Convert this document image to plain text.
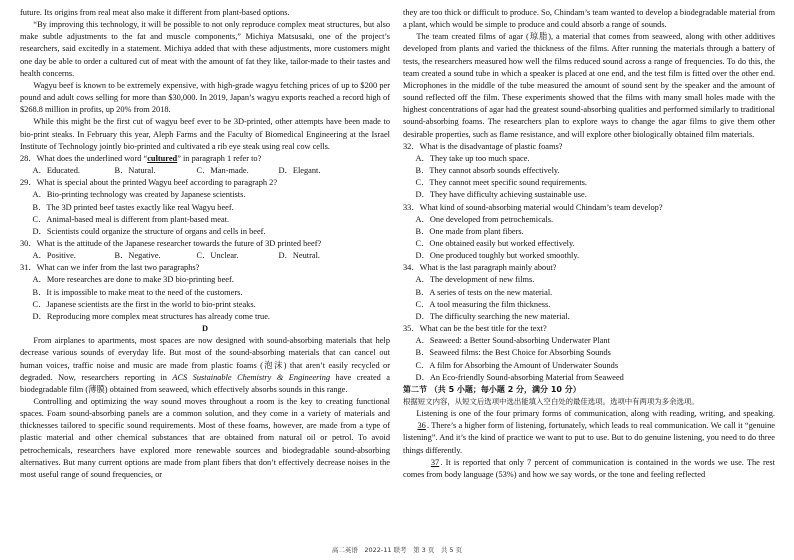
future. Its origins from real meat also make it different from plant-based options.

“By improving this technology, it will be possible to not only reproduce complex meat structures, but also make subtle adjustments to the fat and muscle components,” Michiya Matsusaki, one of the project’s researchers, said excitedly in a statement. Michiya added that with these adjustments, more customers might one day be able to order a cultured cut of meat with the amount of fat they like, tailor-made to their tastes and health concerns.

Wagyu beef is known to be extremely expensive, with high-grade wagyu fetching prices of up to $200 per pound and adult cows selling for more than $30,000. In 2019, Japan’s wagyu exports reached a record high of $268.8 million in profits, up 20% from 2018.

While this might be the first cut of wagyu beef ever to be 3D-printed, other attempts have been made to bio-print steaks. In February this year, Aleph Farms and the Faculty of Biomedical Engineering at the Israel Institute of Technology jointly bio-printed and cultivated a rib eye steak using real cow cells.

28．What does the underlined word “cultured” in paragraph 1 refer to?

A．Educated.	B．Natural.	C．Man-made.	D．Elegant.

29．What is special about the printed Wagyu beef according to paragraph 2?

A．Bio-printing technology was created by Japanese scientists.

B．The 3D printed beef tastes exactly like real Wagyu beef.

C．Animal-based meal is different from plant-based meat.

D．Scientists could organize the structure of organs and cells in beef.

30．What is the attitude of the Japanese researcher towards the future of 3D printed beef?

A．Positive.	B．Negative.	C．Unclear.	D．Neutral.

31．What can we infer from the last two paragraphs?

A．More researches are done to make 3D bio-printing beef.

B．It is impossible to make meat to the need of the customers.

C．Japanese scientists are the first in the world to bio-print steaks.

D．Reproducing more complex meat structures has already come true.

D

From airplanes to apartments, most spaces are now designed with sound-absorbing materials that help decrease various sounds of everyday life. But most of the sound-absorbing materials that can cancel out human voices, traffic noise and music are made from plastic foams (泡沫) that aren’t easily recycled or degraded. Now, researchers reporting in ACS Sustainable Chemistry & Engineering have created a biodegradable film (薄膜) obtained from seaweed, which effectively absorbs sounds in this range.

Controlling and optimizing the way sound moves throughout a room is the key to creating functional spaces. Foam sound-absorbing panels are a common solution, and they come in a variety of materials and thicknesses tailored to specific sound requirements. Most of these foams, however, are made from a type of plastic material and other chemical substances that are obtained from natural oil or petrol. To avoid petrochemicals, researchers have explored more renewable sources and biodegradable sound-absorbing alternatives. But many current options are made from plant fibers that don’t effectively decrease noises in the most useful range of sound frequencies, or

they are too thick or difficult to produce. So, Chindam’s team wanted to develop a biodegradable material from a plant, which would be simple to produce and could absorb a range of sounds.

The team created films of agar (琼脂), a material that comes from seaweed, along with other additives developed from plants and varied the thickness of the films. After running the materials through a battery of tests, the researchers measured how well the films reduced sound across a range of frequencies. To do this, the team created a sound tube in which a speaker is placed at one end, and the test film is fitted over the other end. Microphones in the middle of the tube measured the amount of sound sent by the speaker and the amount of sound reflected off the film. These experiments showed that the films with many small holes made with the highest concentrations of agar had the greatest sound-absorbing qualities and performed similarly to traditional sound-absorbing foams. The researchers plan to explore ways to change the agar films to give them other desirable properties, such as flame resistance, and will explore other biologically obtained film materials.

32．What is the disadvantage of plastic foams?

A．They take up too much space.

B．They cannot absorb sounds effectively.

C．They cannot meet specific sound requirements.

D．They have difficulty achieving sustainable use.

33．What kind of sound-absorbing material would Chindam’s team develop?

A．One developed from petrochemicals.

B．One made from plant fibers.

C．One obtained easily but worked effectively.

D．One produced toughly but worked smoothly.

34．What is the last paragraph mainly about?

A．The development of new films.

B．A series of tests on the new material.

C．A tool measuring the film thickness.

D．The difficulty searching the new material.

35．What can be the best title for the text?

A．Seaweed: a Better Sound-absorbing Underwater Plant

B．Seaweed films: the Best Choice for Absorbing Sounds

C．A film for Absorbing the Amount of Underwater Sounds

D．An Eco-friendly Sound-absorbing Material from Seaweed

第二节 （共 5 小题；每小题 2 分，满分 10 分）

根据短文内容，从短文后选项中选出能填入空白处的最佳选项。选项中有两项为多余选项。

Listening is one of the four primary forms of communication, along with reading, writing, and speaking. 36. There’s a higher form of listening, fortunately, which leads to real communication. We call it “genuine listening”. And it’s the kind of practice we want to put to use. But to do genuine listening, you need to do three things differently.

37. It is reported that only 7 percent of communication is contained in the words we use. The rest comes from body language (53%) and how we say words, or the tone and feeling reflected

高二英语　2022-11 联考　第 3 页　共 5 页
